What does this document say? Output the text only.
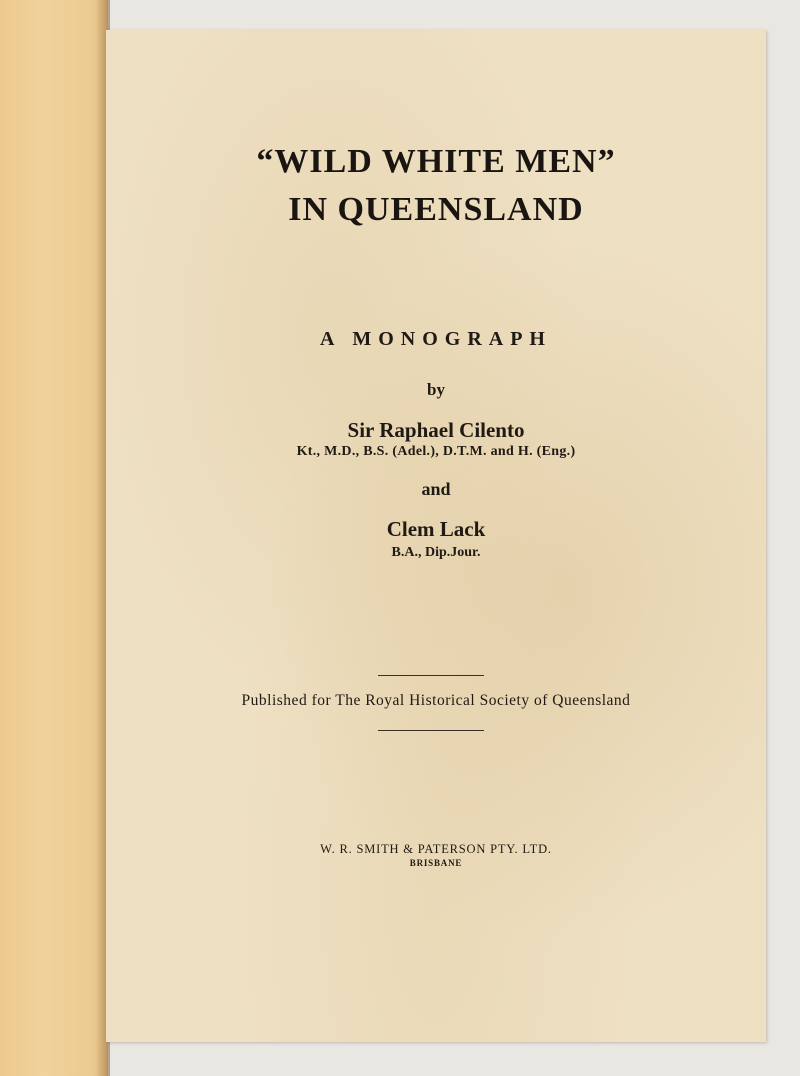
“WILD WHITE MEN”
IN QUEENSLAND
A MONOGRAPH
by
Sir Raphael Cilento
Kt., M.D., B.S. (Adel.), D.T.M. and H. (Eng.)
and
Clem Lack
B.A., Dip.Jour.
Published for The Royal Historical Society of Queensland
W. R. SMITH & PATERSON PTY. LTD.
BRISBANE
